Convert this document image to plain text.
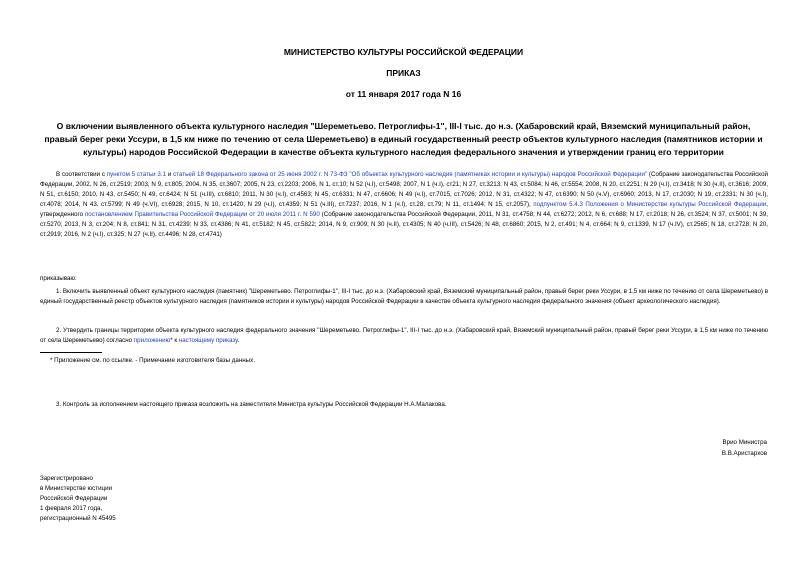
МИНИСТЕРСТВО КУЛЬТУРЫ РОССИЙСКОЙ ФЕДЕРАЦИИ
ПРИКАЗ
от 11 января 2017 года N 16
О включении выявленного объекта культурного наследия "Шереметьево. Петроглифы-1", III-I тыс. до н.э. (Хабаровский край, Вяземский муниципальный район, правый берег реки Уссури, в 1,5 км ниже по течению от села Шереметьево) в единый государственный реестр объектов культурного наследия (памятников истории и культуры) народов Российской Федерации в качестве объекта культурного наследия федерального значения и утверждении границ его территории
В соответствии с пунктом 5 статьи 3.1 и статьей 18 Федерального закона от 25 июня 2002 г. N 73-ФЗ "Об объектах культурного наследия (памятниках истории и культуры) народов Российской Федерации" (Собрание законодательства Российской Федерации, 2002, N 26, ст.2519; 2003, N 9, ст.805; 2004, N 35, ст.3607; 2005, N 23, ст.2203; 2006, N 1, ст.10; N 52 (ч.I), ст.5498; 2007, N 1 (ч.I), ст21; N 27, ст.3213; N 43, ст.5084; N 46, ст.5554; 2008, N 20, ст.2251; N 29 (ч.I), ст.3418; N 30 (ч.II), ст.3616; 2009, N 51, ст.6150; 2010, N 43, ст.5450; N 49, ст.6424; N 51 (ч.III), ст.6810; 2011, N 30 (ч.I), ст.4563; N 45, ст.6331; N 47, ст.6606; N 49 (ч.I), ст.7015, ст.7026; 2012, N 31, ст.4322; N 47, ст.6390; N 50 (ч.V), ст.6960; 2013, N 17, ст.2030; N 19, ст.2331; N 30 (ч.I), ст.4078; 2014, N 43, ст.5799; N 49 (ч.VI), ст.6928; 2015, N 10, ст.1420; N 29 (ч.I), ст.4359; N 51 (ч.III), ст.7237; 2016, N 1 (ч.I), ст.28, ст.79; N 11, ст.1494; N 15, ст.2057), подпунктом 5.4.3 Положения о Министерстве культуры Российской Федерации, утвержденного постановлением Правительства Российской Федерации от 20 июля 2011 г. N 590 (Собрание законодательства Российской Федерации, 2011, N 31, ст.4758; N 44, ст.6272; 2012, N 6, ст.688; N 17, ст.2018; N 26, ст.3524; N 37, ст.5001; N 39, ст.5270; 2013, N 3, ст.204; N 8, ст.841; N 31, ст.4239; N 33, ст.4386; N 41, ст.5182; N 45, ст.5822; 2014, N 9, ст.909; N 30 (ч.II), ст.4305; N 40 (ч.III), ст.5426; N 48, ст.6860; 2015, N 2, ст.491; N 4, ст.664; N 9, ст.1339, N 17 (ч.IV), ст.2565; N 18, ст.2728; N 20, ст.2919; 2016, N 2 (ч.I), ст.325; N 27 (ч.II), ст.4496; N 28, ст.4741)
приказываю:
1. Включить выявленный объект культурного наследия (памятник) "Шереметьево. Петроглифы-1", III-I тыс. до н.э. (Хабаровский край, Вяземский муниципальный район, правый берег реки Уссури, в 1,5 км ниже по течению от села Шереметьево) в единый государственный реестр объектов культурного наследия (памятников истории и культуры) народов Российской Федерации в качестве объекта культурного наследия федерального значения (объект археологического наследия).
2. Утвердить границы территории объекта культурного наследия федерального значения "Шереметьево. Петроглифы-1", III-I тыс. до н.э. (Хабаровский край, Вяземский муниципальный район, правый берег реки Уссури, в 1,5 км ниже по течению от села Шереметьево) согласно приложению* к настоящему приказу.
* Приложение см. по ссылке. - Примечание изготовителя базы данных.
3. Контроль за исполнением настоящего приказа возложить на заместителя Министра культуры Российской Федерации Н.А.Малакова.
Врио Министра
В.В.Аристархов
Зарегистрировано
в Министерстве юстиции
Российской Федерации
1 февраля 2017 года,
регистрационный N 45495
